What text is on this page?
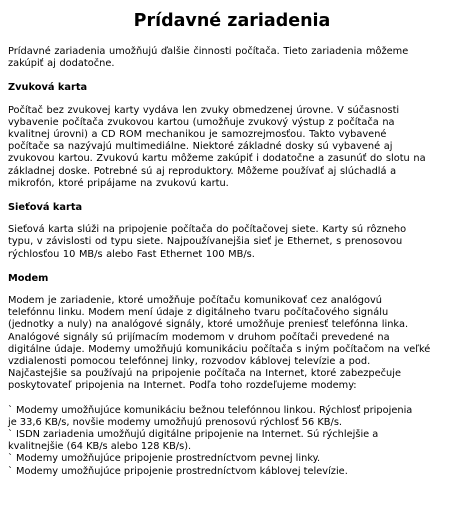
Prídavné zariadenia

Prídavné zariadenia umožňujú ďalšie činnosti počítača. Tieto zariadenia môžeme
zakúpiť aj dodatočne.

Zvuková karta

Počítač bez zvukovej karty vydáva len zvuky obmedzenej úrovne. V súčasnosti
vybavenie počítača zvukovou kartou (umožňuje zvukový výstup z počítača na
kvalitnej úrovni) a CD ROM mechanikou je samozrejmosťou. Takto vybavené
počítače sa nazývajú multimediálne. Niektoré základné dosky sú vybavené aj
zvukovou kartou. Zvukovú kartu môžeme zakúpiť i dodatočne a zasunúť do slotu na
základnej doske. Potrebné sú aj reproduktory. Môžeme používať aj slúchadlá a
mikrofón, ktoré pripájame na zvukovú kartu.

Sieťová karta

Sieťová karta slúži na pripojenie počítača do počítačovej siete. Karty sú rôzneho
typu, v závislosti od typu siete. Najpoužívanejšia sieť je Ethernet, s prenosovou
rýchlosťou 10 MB/s alebo Fast Ethernet 100 MB/s.

Modem

Modem je zariadenie, ktoré umožňuje počítaču komunikovať cez analógovú
telefónnu linku. Modem mení údaje z digitálneho tvaru počítačového signálu
(jednotky a nuly) na analógové signály, ktoré umožňuje preniesť telefónna linka.
Analógové signály sú prijímacím modemom v druhom počítači prevedené na
digitálne údaje. Modemy umožňujú komunikáciu počítača s iným počítačom na veľké
vzdialenosti pomocou telefónnej linky, rozvodov káblovej televízie a pod.
Najčastejšie sa používajú na pripojenie počítača na Internet, ktoré zabezpečuje
poskytovateľ pripojenia na Internet. Podľa toho rozdeľujeme modemy:

` Modemy umožňujúce komunikáciu bežnou telefónnou linkou. Rýchlosť pripojenia
je 33,6 KB/s, novšie modemy umožňujú prenosovú rýchlosť 56 KB/s.
` ISDN zariadenia umožňujú digitálne pripojenie na Internet. Sú rýchlejšie a
kvalitnejšie (64 KB/s alebo 128 KB/s).
` Modemy umožňujúce pripojenie prostredníctvom pevnej linky.
` Modemy umožňujúce pripojenie prostredníctvom káblovej televízie.
